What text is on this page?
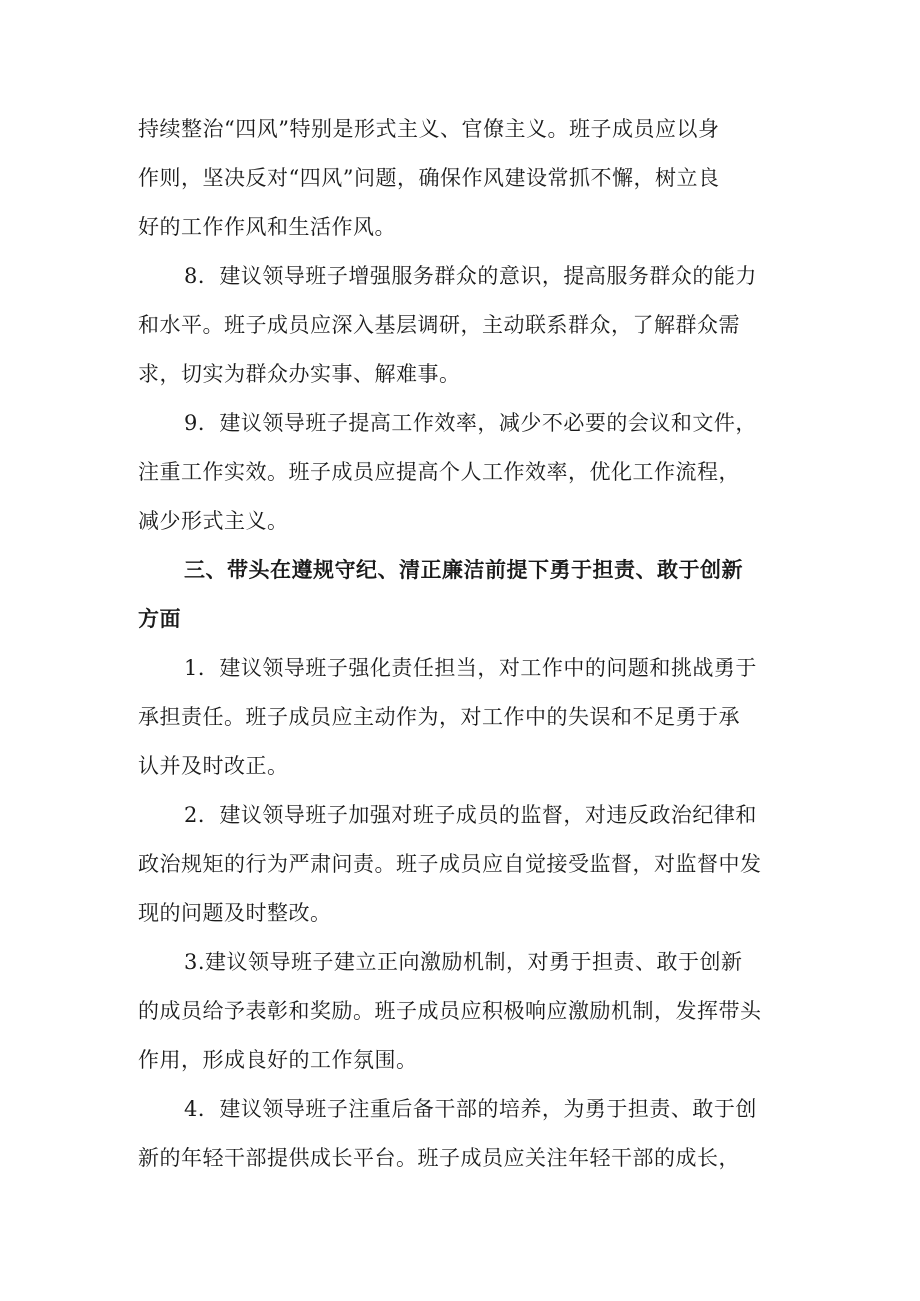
持续整治“四风”特别是形式主义、官僚主义。班子成员应以身
作则，坚决反对“四风”问题，确保作风建设常抓不懈，树立良
好的工作作风和生活作风。
8．建议领导班子增强服务群众的意识，提高服务群众的能力
和水平。班子成员应深入基层调研，主动联系群众，了解群众需
求，切实为群众办实事、解难事。
9．建议领导班子提高工作效率，减少不必要的会议和文件，
注重工作实效。班子成员应提高个人工作效率，优化工作流程，
减少形式主义。
三、带头在遵规守纪、清正廉洁前提下勇于担责、敢于创新
方面
1．建议领导班子强化责任担当，对工作中的问题和挑战勇于
承担责任。班子成员应主动作为，对工作中的失误和不足勇于承
认并及时改正。
2．建议领导班子加强对班子成员的监督，对违反政治纪律和
政治规矩的行为严肃问责。班子成员应自觉接受监督，对监督中发
现的问题及时整改。
3.建议领导班子建立正向激励机制，对勇于担责、敢于创新
的成员给予表彰和奖励。班子成员应积极响应激励机制，发挥带头
作用，形成良好的工作氛围。
4．建议领导班子注重后备干部的培养，为勇于担责、敢于创
新的年轻干部提供成长平台。班子成员应关注年轻干部的成长，
